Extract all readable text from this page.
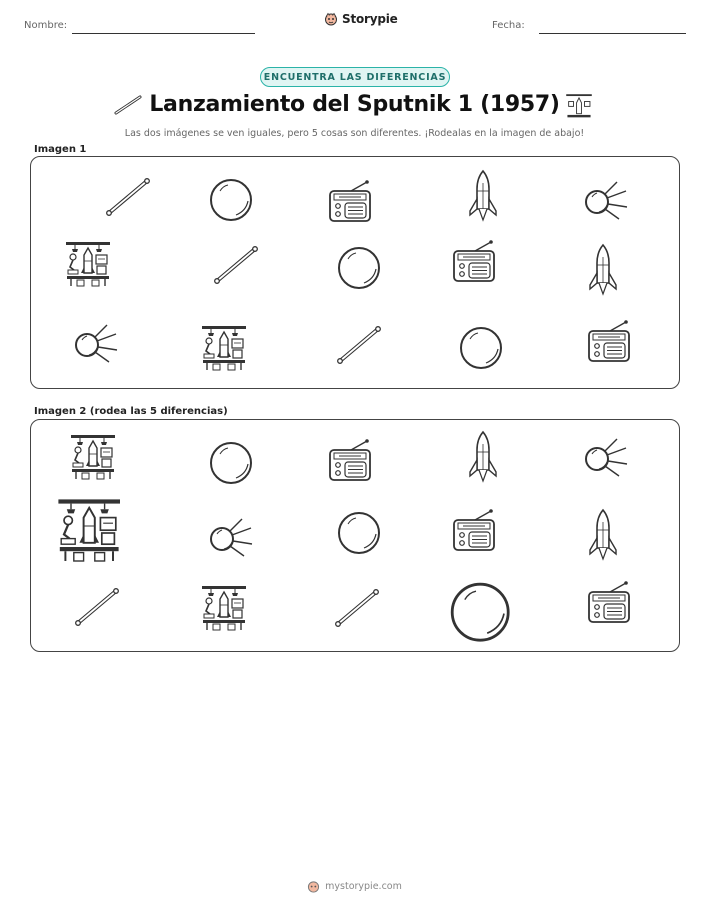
Nombre:	Storypie	Fecha:
ENCUENTRA LAS DIFERENCIAS
Lanzamiento del Sputnik 1 (1957)
Las dos imágenes se ven iguales, pero 5 cosas son diferentes. ¡Rodealas en la imagen de abajo!
Imagen 1
Imagen 2 (rodea las 5 diferencias)
mystorypie.com
